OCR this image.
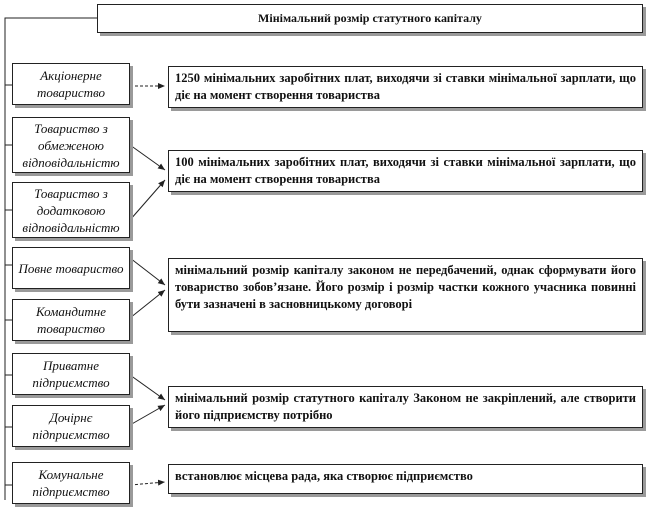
Мінімальний розмір статутного капіталу
Акціонерне товариство
Товариство з обмеженою відповідальністю
Товариство з додатковою відповідальністю
Повне товариство
Командитне товариство
Приватне підприємство
Дочірнє підприємство
Комунальне підприємство
1250 мінімальних заробітних плат, виходячи зі ставки мінімальної зарплати, що діє на момент створення товариства
100 мінімальних заробітних плат, виходячи зі ставки мінімальної зарплати, що діє на момент створення товариства
мінімальний розмір капіталу законом не передбачений, однак сформувати його товариство зобов’язане. Його розмір і розмір частки кожного учасника повинні бути зазначені в засновницькому договорі
мінімальний розмір статутного капіталу Законом не закріплений, але створити його підприємству потрібно
встановлює місцева рада, яка створює підприємство
